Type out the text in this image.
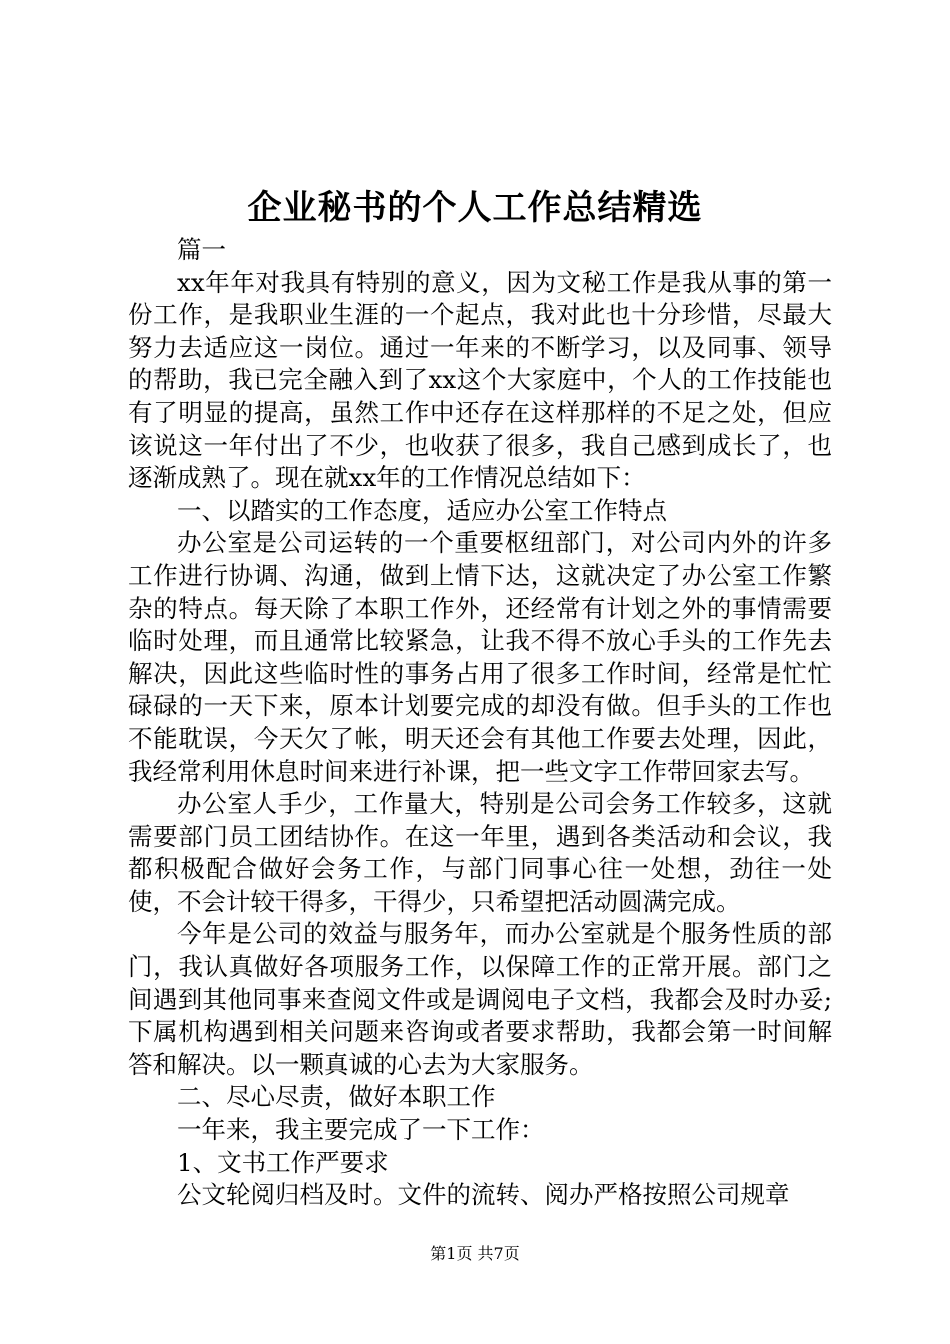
企业秘书的个人工作总结精选

篇一

xx年年对我具有特别的意义，因为文秘工作是我从事的第一份工作，是我职业生涯的一个起点，我对此也十分珍惜，尽最大努力去适应这一岗位。通过一年来的不断学习，以及同事、领导的帮助，我已完全融入到了xx这个大家庭中，个人的工作技能也有了明显的提高，虽然工作中还存在这样那样的不足之处，但应该说这一年付出了不少，也收获了很多，我自己感到成长了，也逐渐成熟了。现在就xx年的工作情况总结如下：

一、以踏实的工作态度，适应办公室工作特点

办公室是公司运转的一个重要枢纽部门，对公司内外的许多工作进行协调、沟通，做到上情下达，这就决定了办公室工作繁杂的特点。每天除了本职工作外，还经常有计划之外的事情需要临时处理，而且通常比较紧急，让我不得不放心手头的工作先去解决，因此这些临时性的事务占用了很多工作时间，经常是忙忙碌碌的一天下来，原本计划要完成的却没有做。但手头的工作也不能耽误，今天欠了帐，明天还会有其他工作要去处理，因此，我经常利用休息时间来进行补课，把一些文字工作带回家去写。

办公室人手少，工作量大，特别是公司会务工作较多，这就需要部门员工团结协作。在这一年里，遇到各类活动和会议，我都积极配合做好会务工作，与部门同事心往一处想，劲往一处使，不会计较干得多，干得少，只希望把活动圆满完成。

今年是公司的效益与服务年，而办公室就是个服务性质的部门，我认真做好各项服务工作，以保障工作的正常开展。部门之间遇到其他同事来查阅文件或是调阅电子文档，我都会及时办妥;下属机构遇到相关问题来咨询或者要求帮助，我都会第一时间解答和解决。以一颗真诚的心去为大家服务。

二、尽心尽责，做好本职工作

一年来，我主要完成了一下工作：

1、文书工作严要求

公文轮阅归档及时。文件的流转、阅办严格按照公司规章

第1页 共7页
